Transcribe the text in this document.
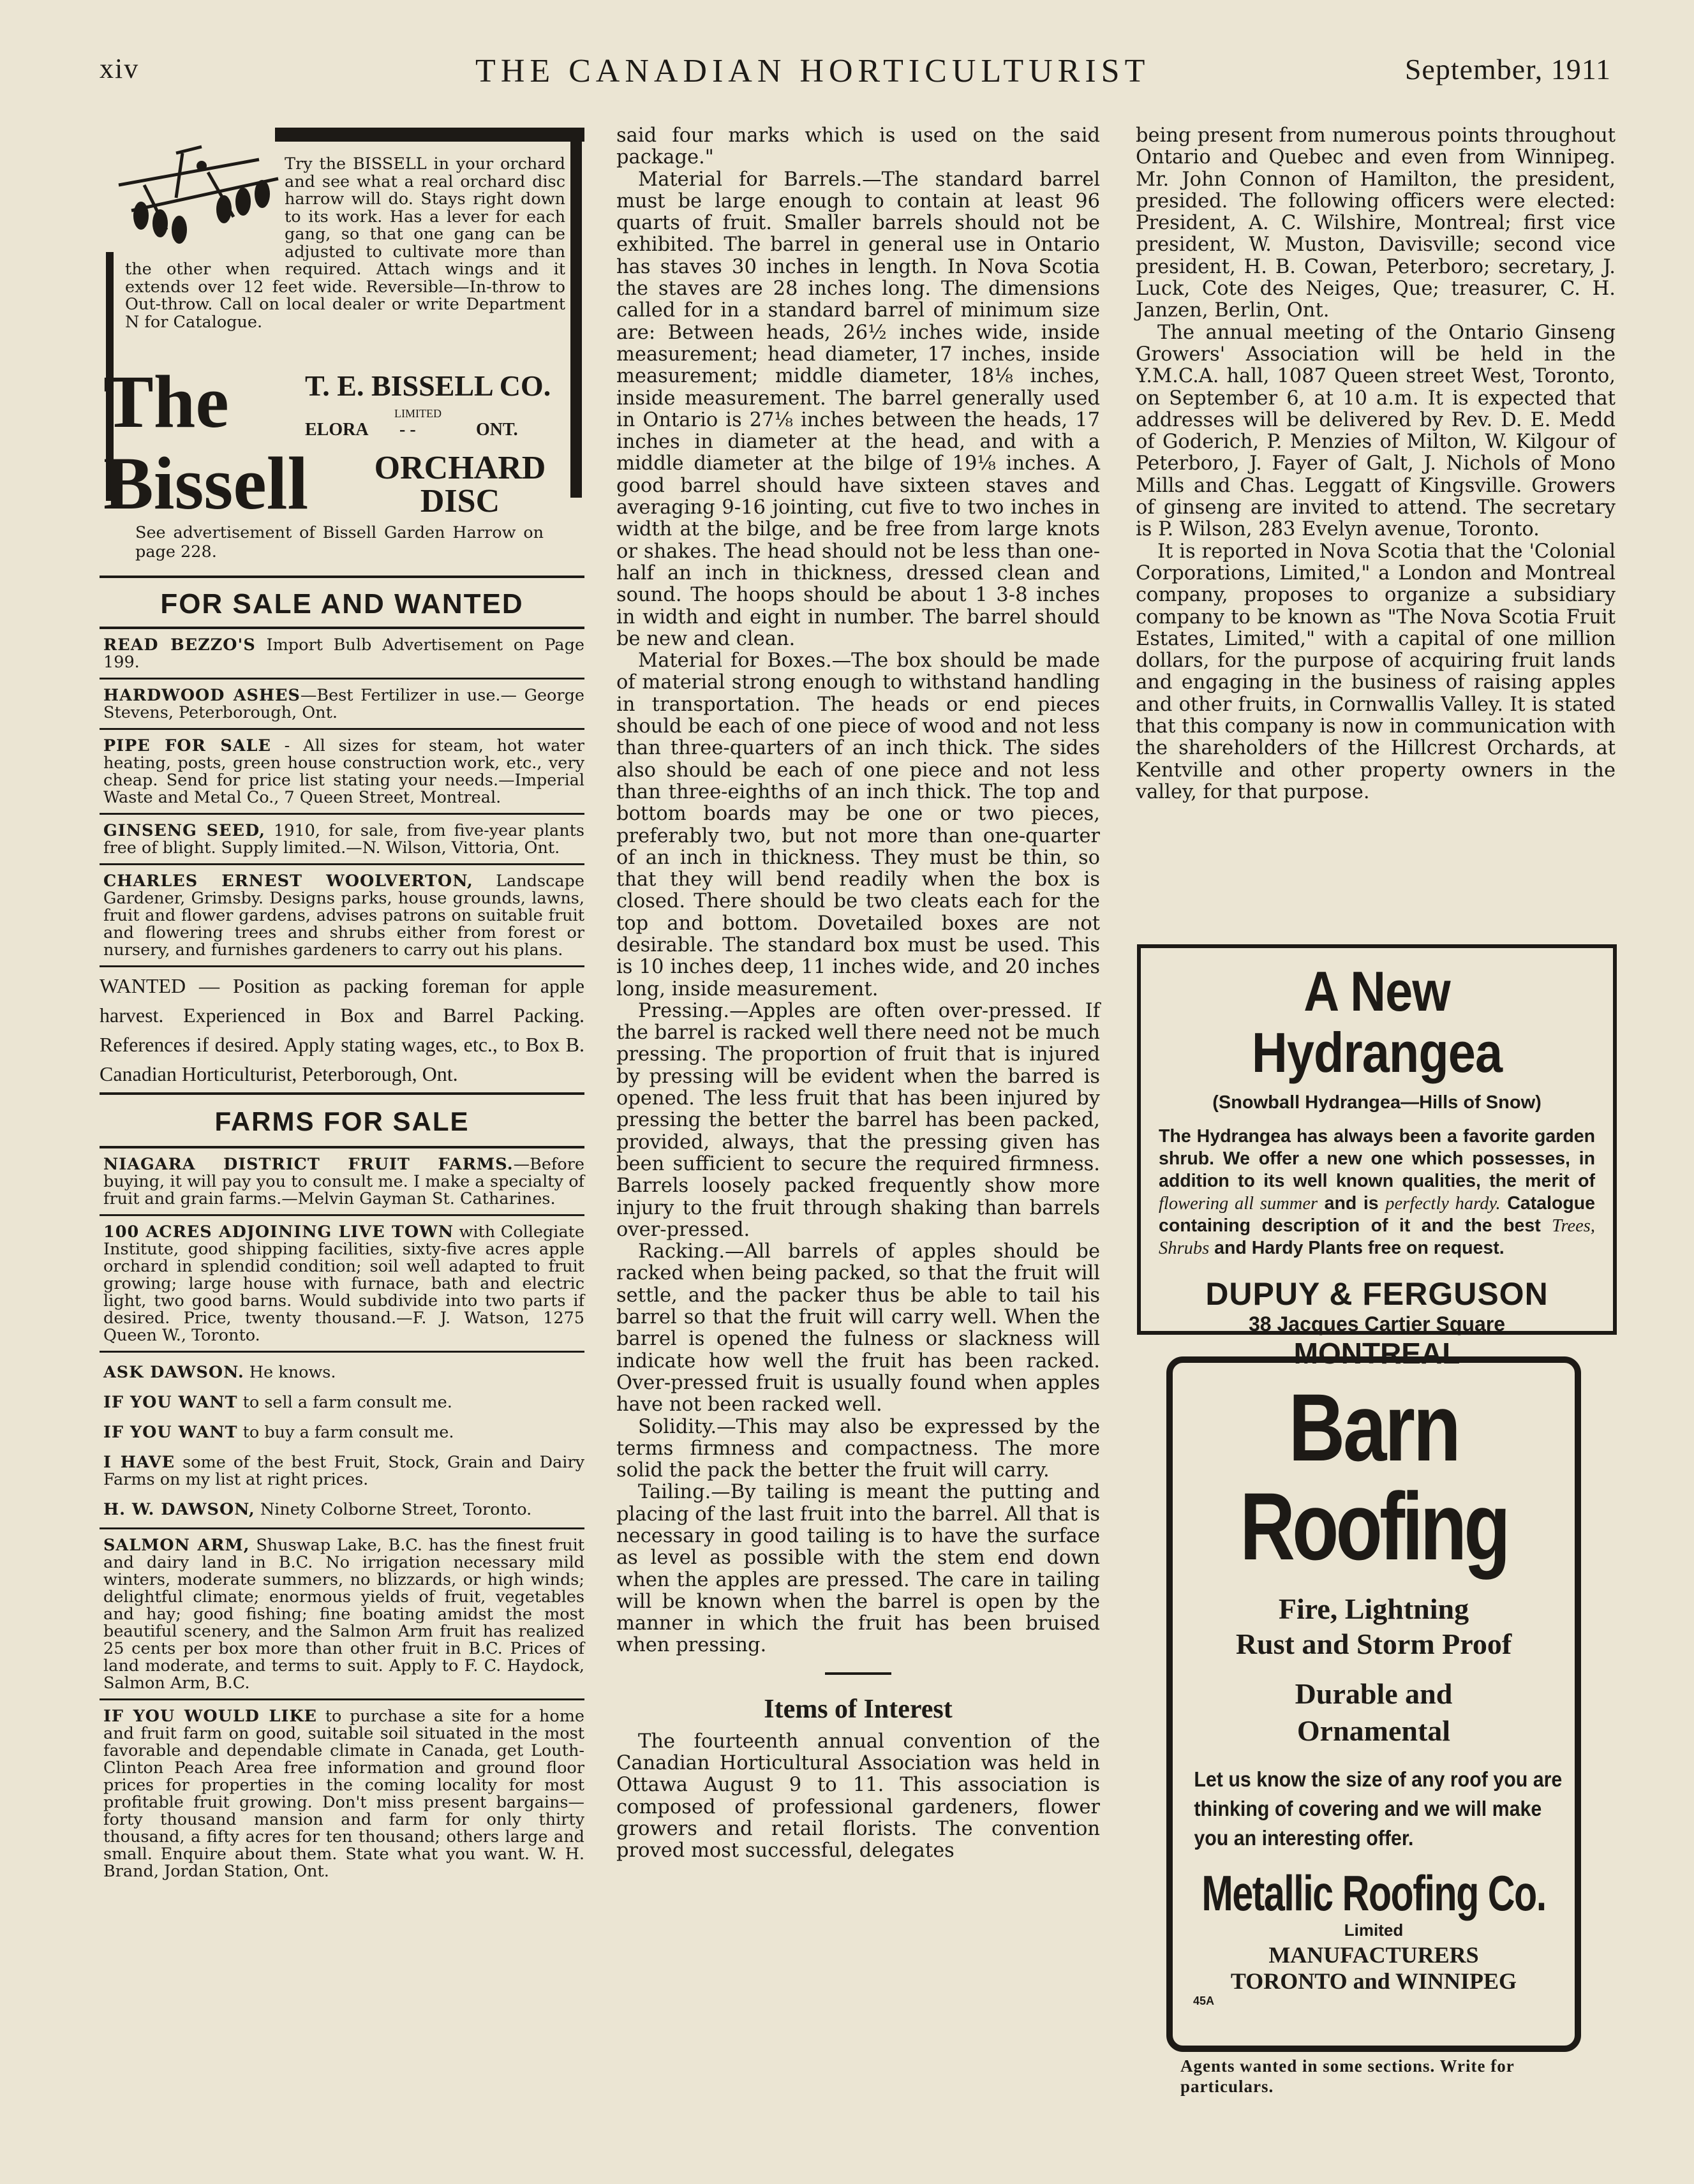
xiv	THE CANADIAN HORTICULTURIST	September, 1911

Try the BISSELL in your orchard and see what a real orchard disc harrow will do. Stays right down to its work. Has a lever for each gang, so that one gang can be adjusted to cultivate more than the other when required. Attach wings and it extends over 12 feet wide. Reversible—In-throw to Out-throw. Call on local dealer or write Department N for Catalogue.

The
Bissell
T. E. BISSELL CO.
LIMITED
ELORA - -	ONT.
ORCHARD
DISC
See advertisement of Bissell Garden Harrow on page 228.
FOR SALE AND WANTED
READ BEZZO'S Import Bulb Advertisement on Page 199.
HARDWOOD ASHES—Best Fertilizer in use.— George Stevens, Peterborough, Ont.
PIPE FOR SALE - All sizes for steam, hot water heating, posts, green house construction work, etc., very cheap. Send for price list stating your needs.—Imperial Waste and Metal Co., 7 Queen Street, Montreal.
GINSENG SEED, 1910, for sale, from five-year plants free of blight. Supply limited.—N. Wilson, Vittoria, Ont.
CHARLES ERNEST WOOLVERTON, Landscape Gardener, Grimsby. Designs parks, house grounds, lawns, fruit and flower gardens, advises patrons on suitable fruit and flowering trees and shrubs either from forest or nursery, and furnishes gardeners to carry out his plans.
WANTED — Position as packing foreman for apple harvest. Experienced in Box and Barrel Packing. References if desired. Apply stating wages, etc., to Box B. Canadian Horticulturist, Peterborough, Ont.
FARMS FOR SALE
NIAGARA DISTRICT FRUIT FARMS.—Before buying, it will pay you to consult me. I make a specialty of fruit and grain farms.—Melvin Gayman St. Catharines.
100 ACRES ADJOINING LIVE TOWN with Collegiate Institute, good shipping facilities, sixty-five acres apple orchard in splendid condition; soil well adapted to fruit growing; large house with furnace, bath and electric light, two good barns. Would subdivide into two parts if desired. Price, twenty thousand.—F. J. Watson, 1275 Queen W., Toronto.

ASK DAWSON. He knows.

IF YOU WANT to sell a farm consult me.

IF YOU WANT to buy a farm consult me.

I HAVE some of the best Fruit, Stock, Grain and Dairy Farms on my list at right prices.

H. W. DAWSON, Ninety Colborne Street, Toronto.

SALMON ARM, Shuswap Lake, B.C. has the finest fruit and dairy land in B.C. No irrigation necessary mild winters, moderate summers, no blizzards, or high winds; delightful climate; enormous yields of fruit, vegetables and hay; good fishing; fine boating amidst the most beautiful scenery, and the Salmon Arm fruit has realized 25 cents per box more than other fruit in B.C. Prices of land moderate, and terms to suit. Apply to F. C. Haydock, Salmon Arm, B.C.
IF YOU WOULD LIKE to purchase a site for a home and fruit farm on good, suitable soil situated in the most favorable and dependable climate in Canada, get Louth-Clinton Peach Area free information and ground floor prices for properties in the coming locality for most profitable fruit growing. Don't miss present bargains—forty thousand mansion and farm for only thirty thousand, a fifty acres for ten thousand; others large and small. Enquire about them. State what you want. W. H. Brand, Jordan Station, Ont.

said four marks which is used on the said package."

Material for Barrels.—The standard barrel must be large enough to contain at least 96 quarts of fruit. Smaller barrels should not be exhibited. The barrel in general use in Ontario has staves 30 inches in length. In Nova Scotia the staves are 28 inches long. The dimensions called for in a standard barrel of minimum size are: Between heads, 26½ inches wide, inside measurement; head diameter, 17 inches, inside measurement; middle diameter, 18⅛ inches, inside measurement. The barrel generally used in Ontario is 27⅛ inches between the heads, 17 inches in diameter at the head, and with a middle diameter at the bilge of 19⅛ inches. A good barrel should have sixteen staves and averaging 9-16 jointing, cut five to two inches in width at the bilge, and be free from large knots or shakes. The head should not be less than one-half an inch in thickness, dressed clean and sound. The hoops should be about 1 3-8 inches in width and eight in number. The barrel should be new and clean.

Material for Boxes.—The box should be made of material strong enough to withstand handling in transportation. The heads or end pieces should be each of one piece of wood and not less than three-quarters of an inch thick. The sides also should be each of one piece and not less than three-eighths of an inch thick. The top and bottom boards may be one or two pieces, preferably two, but not more than one-quarter of an inch in thickness. They must be thin, so that they will bend readily when the box is closed. There should be two cleats each for the top and bottom. Dovetailed boxes are not desirable. The standard box must be used. This is 10 inches deep, 11 inches wide, and 20 inches long, inside measurement.

Pressing.—Apples are often over-pressed. If the barrel is racked well there need not be much pressing. The proportion of fruit that is injured by pressing will be evident when the barred is opened. The less fruit that has been injured by pressing the better the barrel has been packed, provided, always, that the pressing given has been sufficient to secure the required firmness. Barrels loosely packed frequently show more injury to the fruit through shaking than barrels over-pressed.

Racking.—All barrels of apples should be racked when being packed, so that the fruit will settle, and the packer thus be able to tail his barrel so that the fruit will carry well. When the barrel is opened the fulness or slackness will indicate how well the fruit has been racked. Over-pressed fruit is usually found when apples have not been racked well.

Solidity.—This may also be expressed by the terms firmness and compactness. The more solid the pack the better the fruit will carry.

Tailing.—By tailing is meant the putting and placing of the last fruit into the barrel. All that is necessary in good tailing is to have the surface as level as possible with the stem end down when the apples are pressed. The care in tailing will be known when the barrel is open by the manner in which the fruit has been bruised when pressing.

Items of Interest

The fourteenth annual convention of the Canadian Horticultural Association was held in Ottawa August 9 to 11. This association is composed of professional gardeners, flower growers and retail florists. The convention proved most successful, delegates

being present from numerous points throughout Ontario and Quebec and even from Winnipeg. Mr. John Connon of Hamilton, the president, presided. The following officers were elected: President, A. C. Wilshire, Montreal; first vice president, W. Muston, Davisville; second vice president, H. B. Cowan, Peterboro; secretary, J. Luck, Cote des Neiges, Que; treasurer, C. H. Janzen, Berlin, Ont.

The annual meeting of the Ontario Ginseng Growers' Association will be held in the Y.M.C.A. hall, 1087 Queen street West, Toronto, on September 6, at 10 a.m. It is expected that addresses will be delivered by Rev. D. E. Medd of Goderich, P. Menzies of Milton, W. Kilgour of Peterboro, J. Fayer of Galt, J. Nichols of Mono Mills and Chas. Leggatt of Kingsville. Growers of ginseng are invited to attend. The secretary is P. Wilson, 283 Evelyn avenue, Toronto.

It is reported in Nova Scotia that the 'Colonial Corporations, Limited," a London and Montreal company, proposes to organize a subsidiary company to be known as "The Nova Scotia Fruit Estates, Limited," with a capital of one million dollars, for the purpose of acquiring fruit lands and engaging in the business of raising apples and other fruits, in Cornwallis Valley. It is stated that this company is now in communication with the shareholders of the Hillcrest Orchards, at Kentville and other property owners in the valley, for that purpose.

A New Hydrangea
(Snowball Hydrangea—Hills of Snow)

The Hydrangea has always been a favorite garden shrub. We offer a new one which possesses, in addition to its well known qualities, the merit of flowering all summer and is perfectly hardy. Catalogue containing description of it and the best Trees, Shrubs and Hardy Plants free on request.

DUPUY & FERGUSON
38 Jacques Cartier Square
MONTREAL
Barn
Roofing
Fire, Lightning
Rust and Storm Proof
Durable and
Ornamental
Let us know the size of any roof you are thinking of covering and we will make you an interesting offer.
Metallic Roofing Co.
Limited
MANUFACTURERS
TORONTO and WINNIPEG
45A
Agents wanted in some sections. Write for particulars.
